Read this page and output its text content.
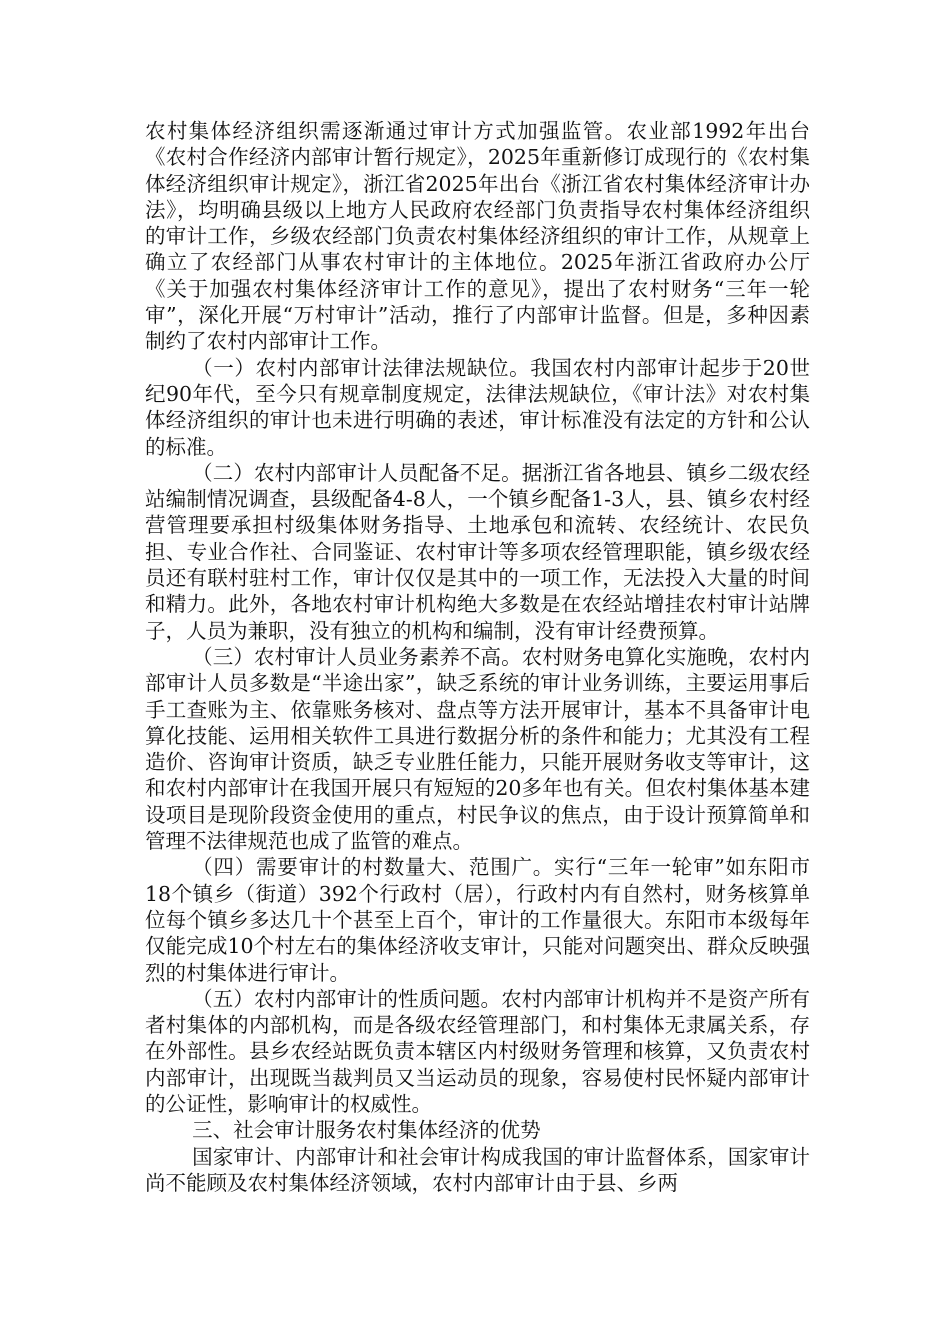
农村集体经济组织需逐渐通过审计方式加强监管。农业部1992年出台《农村合作经济内部审计暂行规定》，2025年重新修订成现行的《农村集体经济组织审计规定》，浙江省2025年出台《浙江省农村集体经济审计办法》，均明确县级以上地方人民政府农经部门负责指导农村集体经济组织的审计工作，乡级农经部门负责农村集体经济组织的审计工作，从规章上确立了农经部门从事农村审计的主体地位。2025年浙江省政府办公厅《关于加强农村集体经济审计工作的意见》，提出了农村财务“三年一轮审”，深化开展“万村审计”活动，推行了内部审计监督。但是，多种因素制约了农村内部审计工作。

（一）农村内部审计法律法规缺位。我国农村内部审计起步于20世纪90年代，至今只有规章制度规定，法律法规缺位，《审计法》对农村集体经济组织的审计也未进行明确的表述，审计标准没有法定的方针和公认的标准。

（二）农村内部审计人员配备不足。据浙江省各地县、镇乡二级农经站编制情况调查，县级配备4-8人，一个镇乡配备1-3人，县、镇乡农村经营管理要承担村级集体财务指导、土地承包和流转、农经统计、农民负担、专业合作社、合同鉴证、农村审计等多项农经管理职能，镇乡级农经员还有联村驻村工作，审计仅仅是其中的一项工作，无法投入大量的时间和精力。此外，各地农村审计机构绝大多数是在农经站增挂农村审计站牌子，人员为兼职，没有独立的机构和编制，没有审计经费预算。

（三）农村审计人员业务素养不高。农村财务电算化实施晚，农村内部审计人员多数是“半途出家”，缺乏系统的审计业务训练，主要运用事后手工查账为主、依靠账务核对、盘点等方法开展审计，基本不具备审计电算化技能、运用相关软件工具进行数据分析的条件和能力；尤其没有工程造价、咨询审计资质，缺乏专业胜任能力，只能开展财务收支等审计，这和农村内部审计在我国开展只有短短的20多年也有关。但农村集体基本建设项目是现阶段资金使用的重点，村民争议的焦点，由于设计预算简单和管理不法律规范也成了监管的难点。

（四）需要审计的村数量大、范围广。实行“三年一轮审”如东阳市18个镇乡（街道）392个行政村（居），行政村内有自然村，财务核算单位每个镇乡多达几十个甚至上百个，审计的工作量很大。东阳市本级每年仅能完成10个村左右的集体经济收支审计，只能对问题突出、群众反映强烈的村集体进行审计。

（五）农村内部审计的性质问题。农村内部审计机构并不是资产所有者村集体的内部机构，而是各级农经管理部门，和村集体无隶属关系，存在外部性。县乡农经站既负责本辖区内村级财务管理和核算，又负责农村内部审计，出现既当裁判员又当运动员的现象，容易使村民怀疑内部审计的公证性，影响审计的权威性。

三、社会审计服务农村集体经济的优势

国家审计、内部审计和社会审计构成我国的审计监督体系，国家审计尚不能顾及农村集体经济领域，农村内部审计由于县、乡两
